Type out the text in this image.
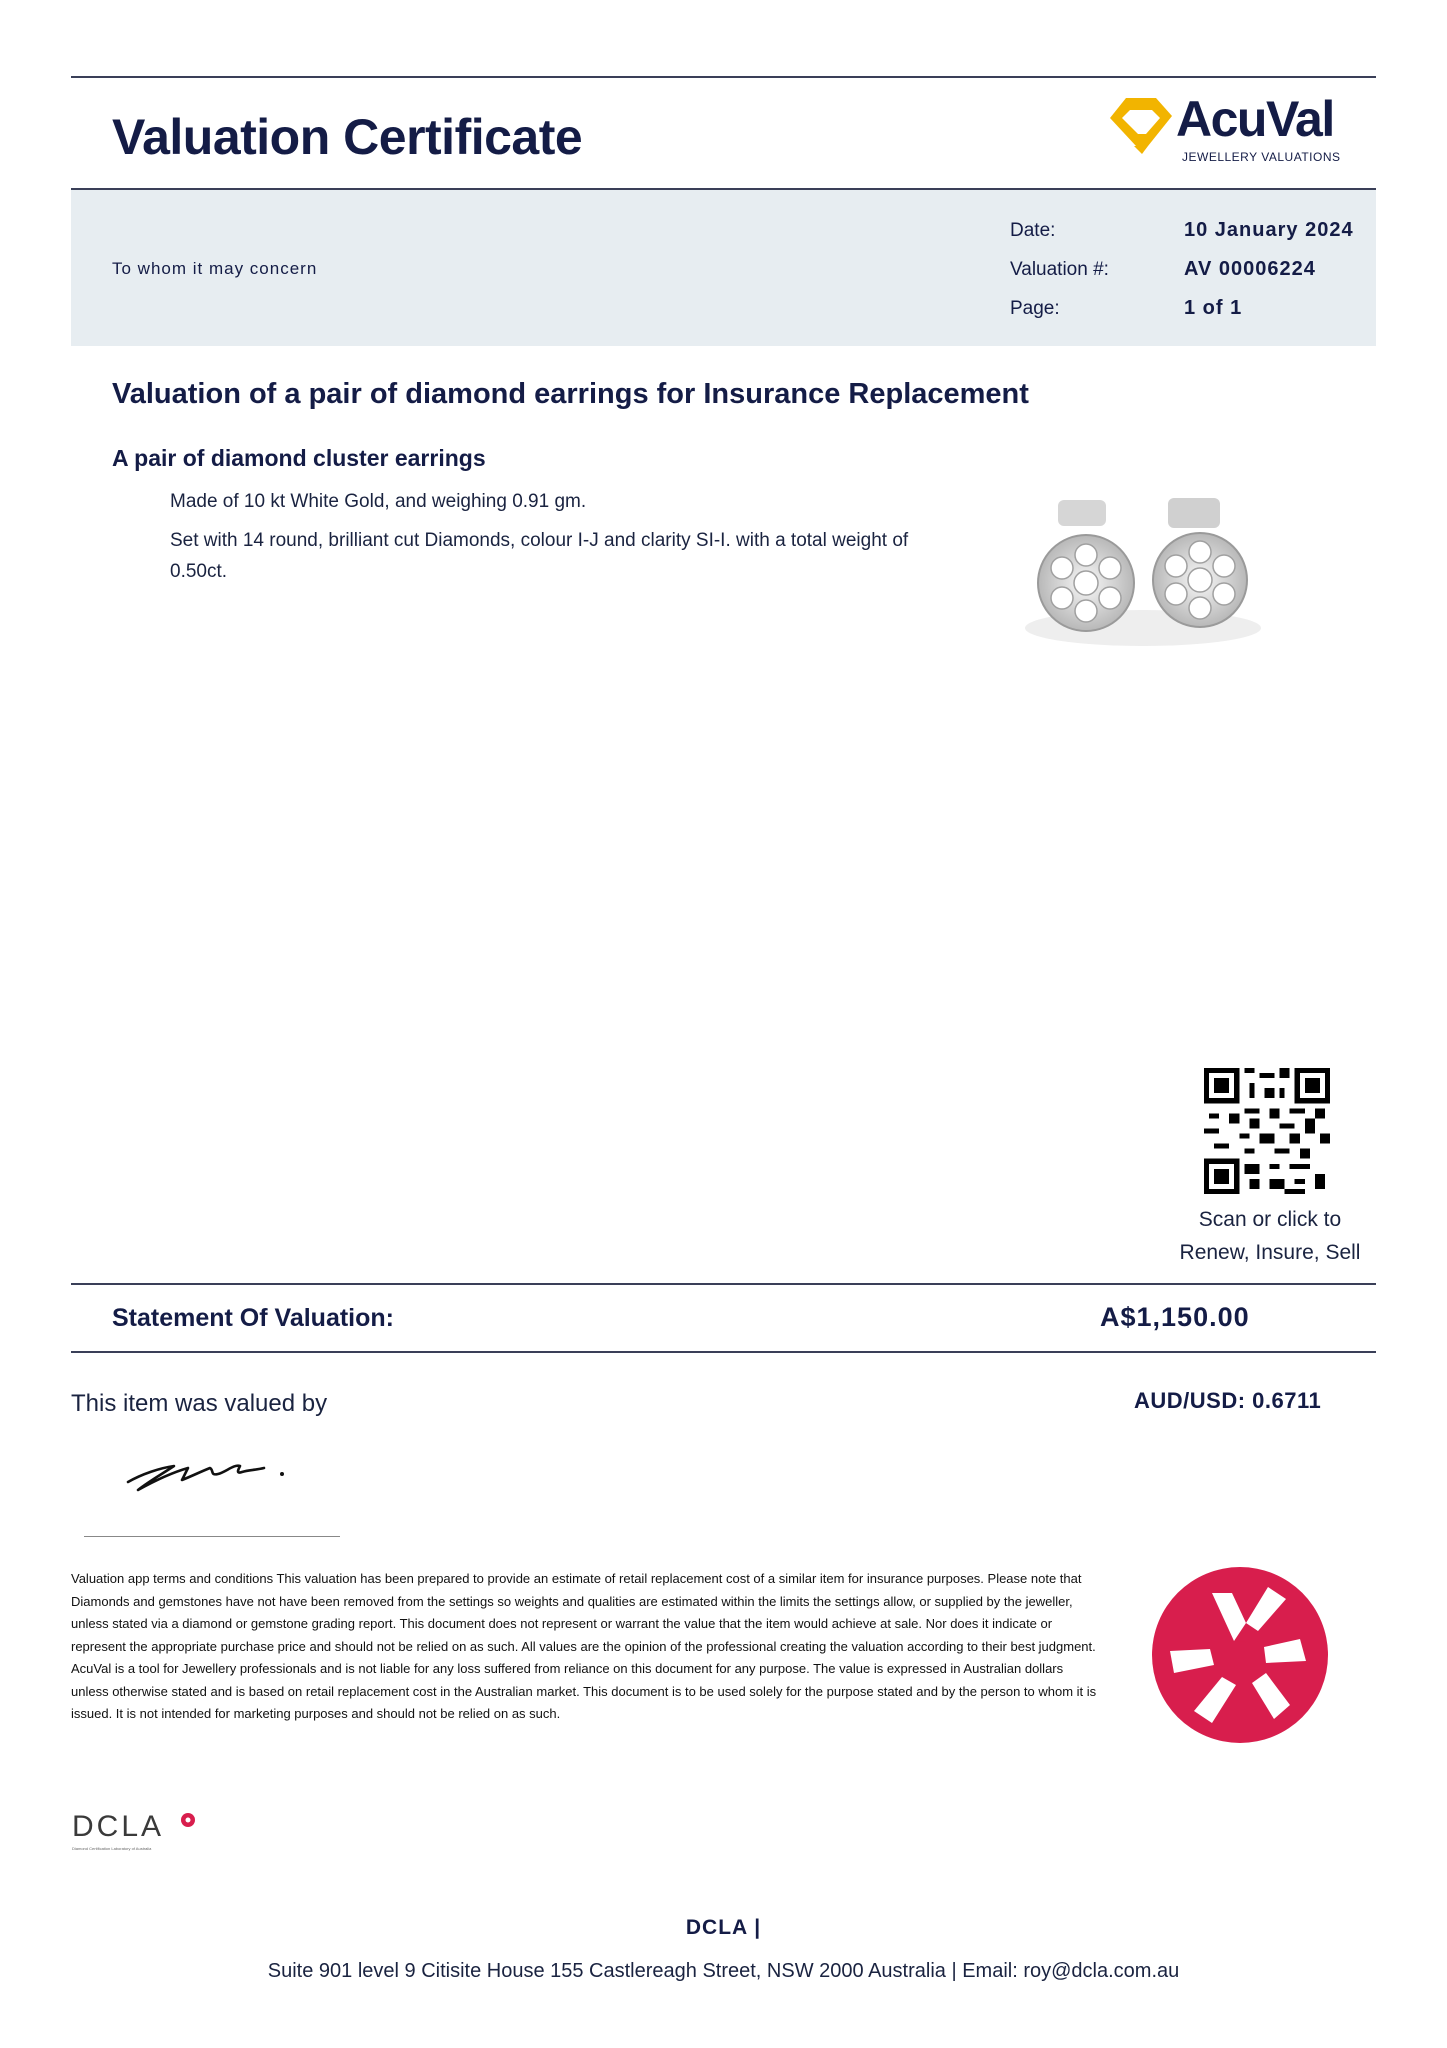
Valuation Certificate	AcuVal
JEWELLERY VALUATIONS
To whom it may concern
Date:	10 January 2024
Valuation #:	AV 00006224
Page:	1 of 1
Valuation of a pair of diamond earrings for Insurance Replacement
A pair of diamond cluster earrings
Made of 10 kt White Gold, and weighing 0.91 gm.
Set with 14 round, brilliant cut Diamonds, colour I-J and clarity SI-I. with a total weight of 0.50ct.
Scan or click to
Renew, Insure, Sell
Statement Of Valuation:	A$1,150.00
This item was valued by	AUD/USD: 0.6711
Valuation app terms and conditions This valuation has been prepared to provide an estimate of retail replacement cost of a similar item for insurance purposes. Please note that Diamonds and gemstones have not have been removed from the settings so weights and qualities are estimated within the limits the settings allow, or supplied by the jeweller, unless stated via a diamond or gemstone grading report. This document does not represent or warrant the value that the item would achieve at sale. Nor does it indicate or represent the appropriate purchase price and should not be relied on as such. All values are the opinion of the professional creating the valuation according to their best judgment. AcuVal is a tool for Jewellery professionals and is not liable for any loss suffered from reliance on this document for any purpose. The value is expressed in Australian dollars unless otherwise stated and is based on retail replacement cost in the Australian market. This document is to be used solely for the purpose stated and by the person to whom it is issued. It is not intended for marketing purposes and should not be relied on as such.
DCLA
Diamond Certification Laboratory of Australia
DCLA |
Suite 901 level 9 Citisite House 155 Castlereagh Street, NSW 2000 Australia | Email: roy@dcla.com.au
